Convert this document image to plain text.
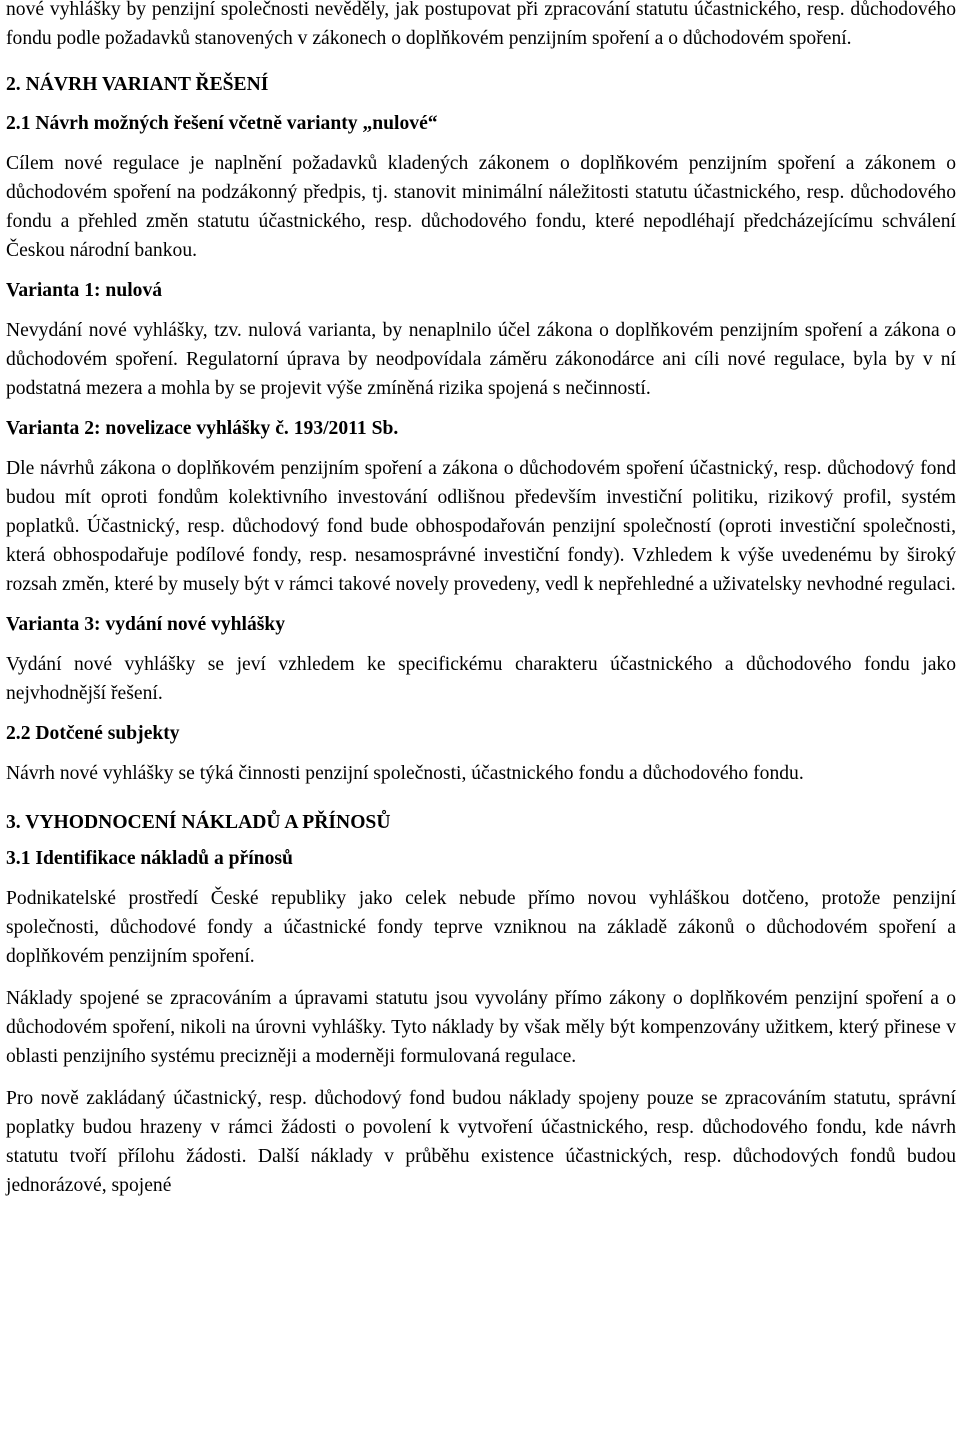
nové vyhlášky by penzijní společnosti nevěděly, jak postupovat při zpracování statutu účastnického, resp. důchodového fondu podle požadavků stanovených v zákonech o doplňkovém penzijním spoření a o důchodovém spoření.

2. NÁVRH VARIANT ŘEŠENÍ

2.1 Návrh možných řešení včetně varianty „nulové“

Cílem nové regulace je naplnění požadavků kladených zákonem o doplňkovém penzijním spoření a zákonem o důchodovém spoření na podzákonný předpis, tj. stanovit minimální náležitosti statutu účastnického, resp. důchodového fondu a přehled změn statutu účastnického, resp. důchodového fondu, které nepodléhají předcházejícímu schválení Českou národní bankou.

Varianta 1: nulová

Nevydání nové vyhlášky, tzv. nulová varianta, by nenaplnilo účel zákona o doplňkovém penzijním spoření a zákona o důchodovém spoření. Regulatorní úprava by neodpovídala záměru zákonodárce ani cíli nové regulace, byla by v ní podstatná mezera a mohla by se projevit výše zmíněná rizika spojená s nečinností.

Varianta 2: novelizace vyhlášky č. 193/2011 Sb.

Dle návrhů zákona o doplňkovém penzijním spoření a zákona o důchodovém spoření účastnický, resp. důchodový fond budou mít oproti fondům kolektivního investování odlišnou především investiční politiku, rizikový profil, systém poplatků. Účastnický, resp. důchodový fond bude obhospodařován penzijní společností (oproti investiční společnosti, která obhospodařuje podílové fondy, resp. nesamosprávné investiční fondy). Vzhledem k výše uvedenému by široký rozsah změn, které by musely být v rámci takové novely provedeny, vedl k nepřehledné a uživatelsky nevhodné regulaci.

Varianta 3: vydání nové vyhlášky

Vydání nové vyhlášky se jeví vzhledem ke specifickému charakteru účastnického a důchodového fondu jako nejvhodnější řešení.

2.2 Dotčené subjekty

Návrh nové vyhlášky se týká činnosti penzijní společnosti, účastnického fondu a důchodového fondu.

3. VYHODNOCENÍ NÁKLADŮ A PŘÍNOSŮ

3.1 Identifikace nákladů a přínosů

Podnikatelské prostředí České republiky jako celek nebude přímo novou vyhláškou dotčeno, protože penzijní společnosti, důchodové fondy a účastnické fondy teprve vzniknou na základě zákonů o důchodovém spoření a doplňkovém penzijním spoření.

Náklady spojené se zpracováním a úpravami statutu jsou vyvolány přímo zákony o doplňkovém penzijní spoření a o důchodovém spoření, nikoli na úrovni vyhlášky. Tyto náklady by však měly být kompenzovány užitkem, který přinese v oblasti penzijního systému precizněji a moderněji formulovaná regulace.

Pro nově zakládaný účastnický, resp. důchodový fond budou náklady spojeny pouze se zpracováním statutu, správní poplatky budou hrazeny v rámci žádosti o povolení k vytvoření účastnického, resp. důchodového fondu, kde návrh statutu tvoří přílohu žádosti. Další náklady v průběhu existence účastnických, resp. důchodových fondů budou jednorázové, spojené
